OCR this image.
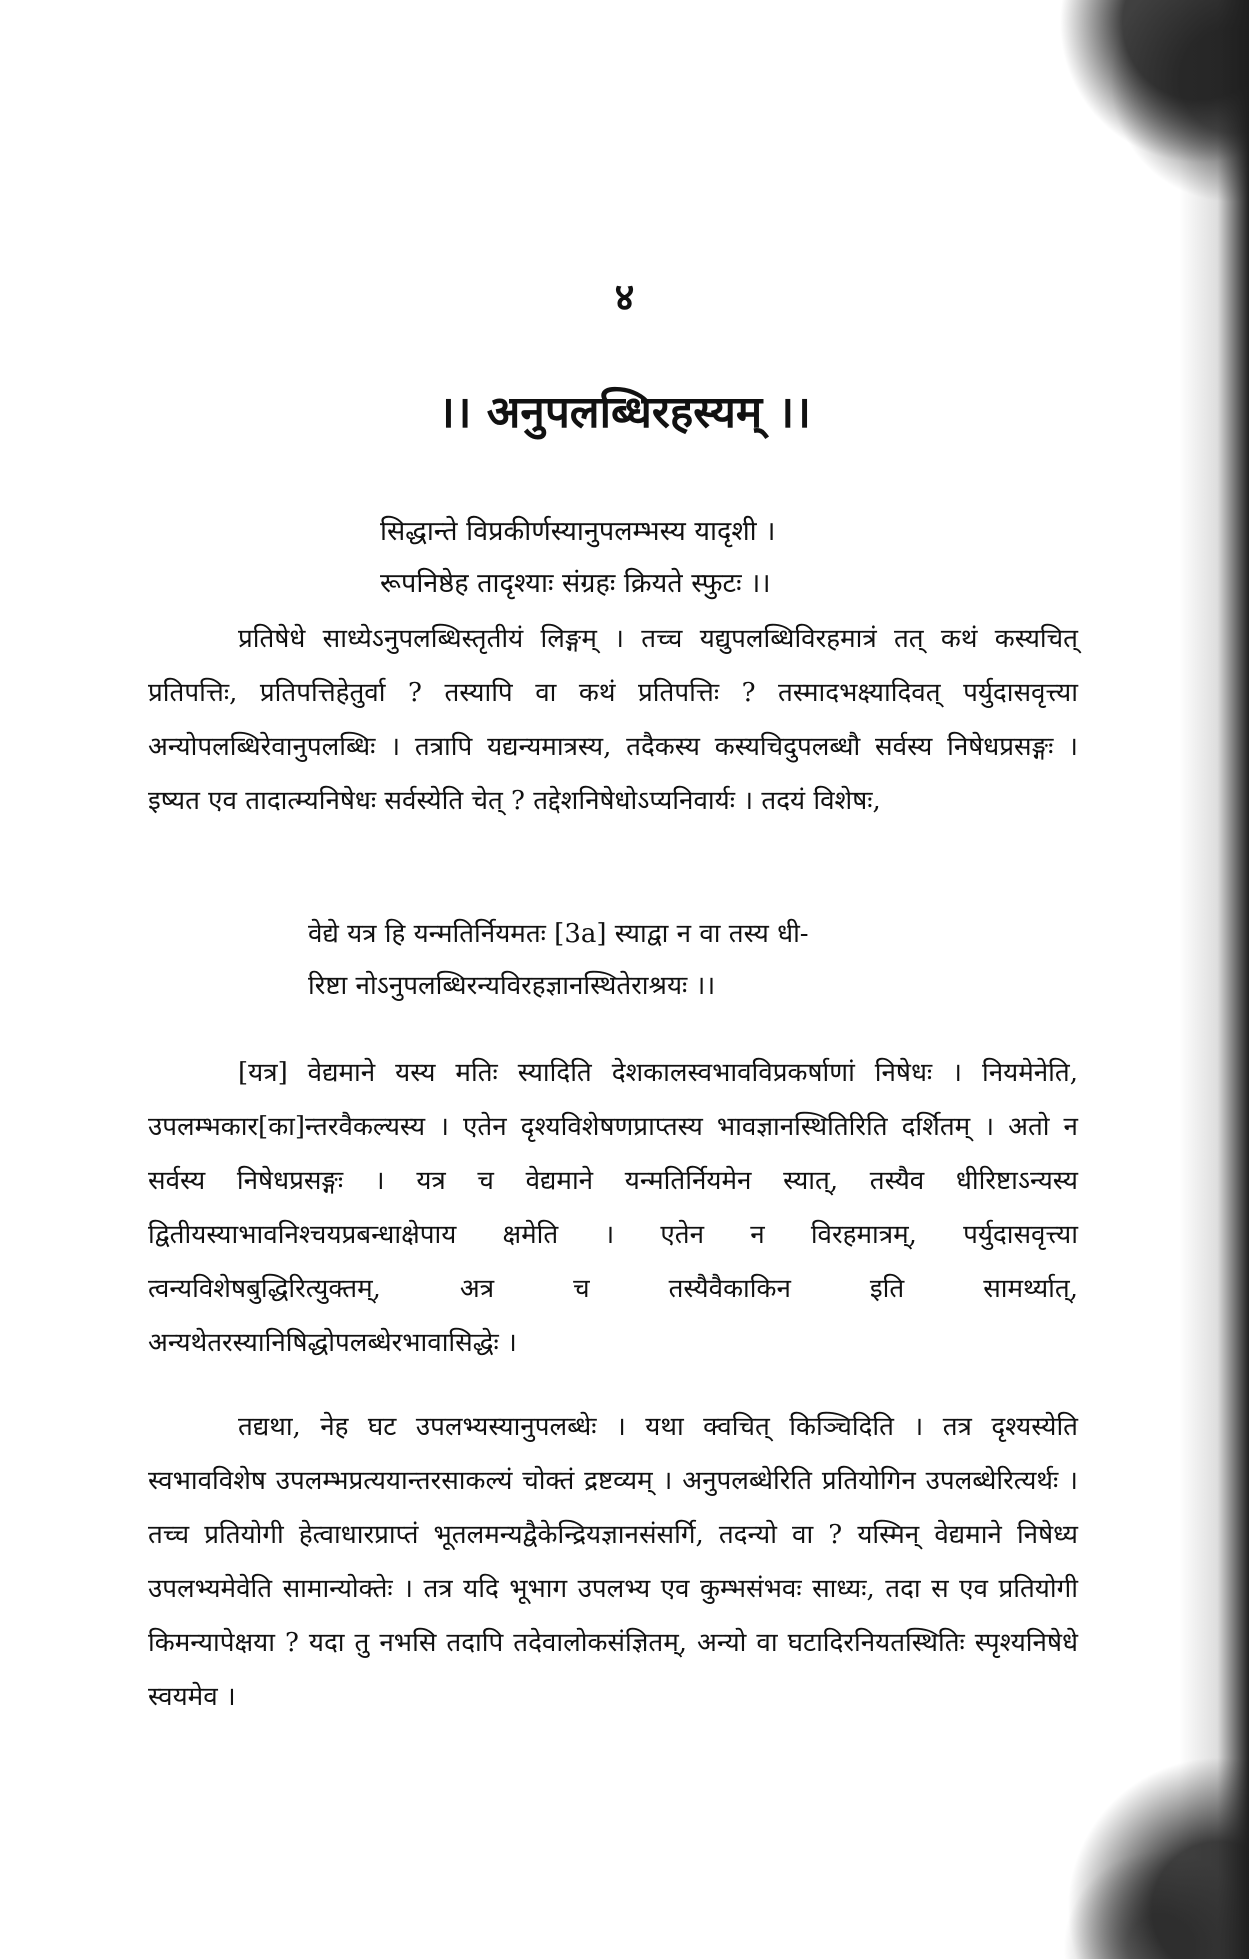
४
।। अनुपलब्धिरहस्यम् ।।
सिद्धान्ते विप्रकीर्णस्यानुपलम्भस्य यादृशी ।
रूपनिष्ठेह तादृश्याः संग्रहः क्रियते स्फुटः ।।
प्रतिषेधे साध्येऽनुपलब्धिस्तृतीयं लिङ्गम् । तच्च यद्युपलब्धिविरहमात्रं तत् कथं कस्यचित् प्रतिपत्तिः, प्रतिपत्तिहेतुर्वा ? तस्यापि वा कथं प्रतिपत्तिः ? तस्मादभक्ष्यादिवत् पर्युदासवृत्त्या अन्योपलब्धिरेवानुपलब्धिः । तत्रापि यद्यन्यमात्रस्य, तदैकस्य कस्यचिदुपलब्धौ सर्वस्य निषेधप्रसङ्गः । इष्यत एव तादात्म्यनिषेधः सर्वस्येति चेत् ? तद्देशनिषेधोऽप्यनिवार्यः । तदयं विशेषः,
वेद्ये यत्र हि यन्मतिर्नियमतः [3a] स्याद्वा न वा तस्य धी-
रिष्टा नोऽनुपलब्धिरन्यविरहज्ञानस्थितेराश्रयः ।।
[यत्र] वेद्यमाने यस्य मतिः स्यादिति देशकालस्वभावविप्रकर्षाणां निषेधः । नियमेनेति, उपलम्भकार[का]न्तरवैकल्यस्य । एतेन दृश्यविशेषणप्राप्तस्य भावज्ञानस्थितिरिति दर्शितम् । अतो न सर्वस्य निषेधप्रसङ्गः । यत्र च वेद्यमाने यन्मतिर्नियमेन स्यात्, तस्यैव धीरिष्टाऽन्यस्य द्वितीयस्याभावनिश्चयप्रबन्धाक्षेपाय क्षमेति । एतेन न विरहमात्रम्, पर्युदासवृत्त्या त्वन्यविशेषबुद्धिरित्युक्तम्, अत्र च तस्यैवैकाकिन इति सामर्थ्यात्, अन्यथेतरस्यानिषिद्धोपलब्धेरभावासिद्धेः ।
तद्यथा, नेह घट उपलभ्यस्यानुपलब्धेः । यथा क्वचित् किञ्चिदिति । तत्र दृश्यस्येति स्वभावविशेष उपलम्भप्रत्ययान्तरसाकल्यं चोक्तं द्रष्टव्यम् । अनुपलब्धेरिति प्रतियोगिन उपलब्धेरित्यर्थः । तच्च प्रतियोगी हेत्वाधारप्राप्तं भूतलमन्यद्वैकेन्द्रियज्ञानसंसर्गि, तदन्यो वा ? यस्मिन् वेद्यमाने निषेध्य उपलभ्यमेवेति सामान्योक्तेः । तत्र यदि भूभाग उपलभ्य एव कुम्भसंभवः साध्यः, तदा स एव प्रतियोगी किमन्यापेक्षया ? यदा तु नभसि तदापि तदेवालोकसंज्ञितम्, अन्यो वा घटादिरनियतस्थितिः स्पृश्यनिषेधे स्वयमेव ।
